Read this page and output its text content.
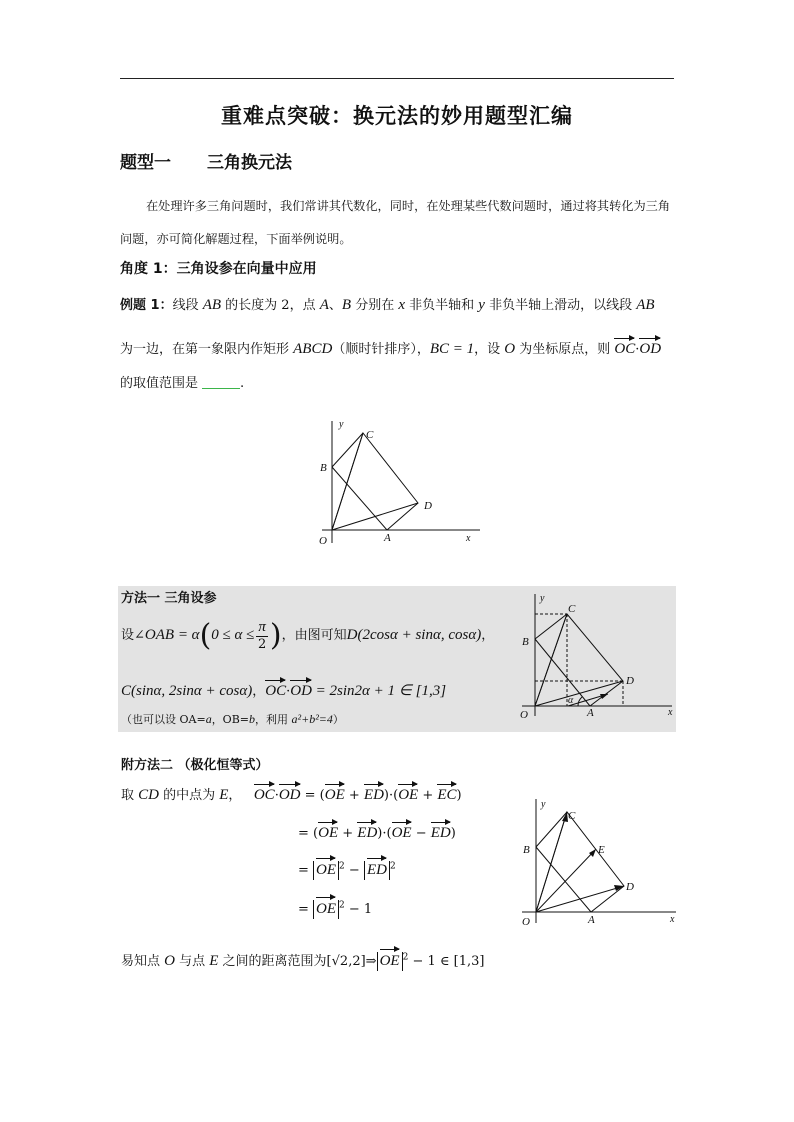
重难点突破：换元法的妙用题型汇编
题型一 三角换元法
在处理许多三角问题时，我们常讲其代数化，同时，在处理某些代数问题时，通过将其转化为三角问题，亦可简化解题过程，下面举例说明。
角度 1：三角设参在向量中应用
例题 1：线段 AB 的长度为 2，点 A、B 分别在 x 非负半轴和 y 非负半轴上滑动，以线段 AB
为一边，在第一象限内作矩形 ABCD（顺时针排序），BC = 1，设 O 为坐标原点，则 OC·OD
的取值范围是	.
y
x
C
B
D
A
O
方法一 三角设参
设∠OAB = $\alpha(0 \le \alpha \le \frac{\pi}{2}$ )，由图可知D(2cosα + sinα, cosα)，
C(sinα, 2sinα + cosα)，OC·OD = 2sin2α + 1 ∈ [1,3]
（也可以设 OA=a，OB=b，利用 a²+b²=4）
α
y
x
C
B
D
A
O
附方法二 （极化恒等式）
取 CD 的中点为 E， OC·OD = (OE + ED)·(OE + EC)
= (OE + ED)·(OE − ED)
= OE $^2$ − ED $^2$
= OE $^2$ − 1
y
x
C
B	E
D
A
O
易知点 O 与点 E 之间的距离范围为[√2,2]⇒ OE $^2$ − 1 ∈ [1,3]
